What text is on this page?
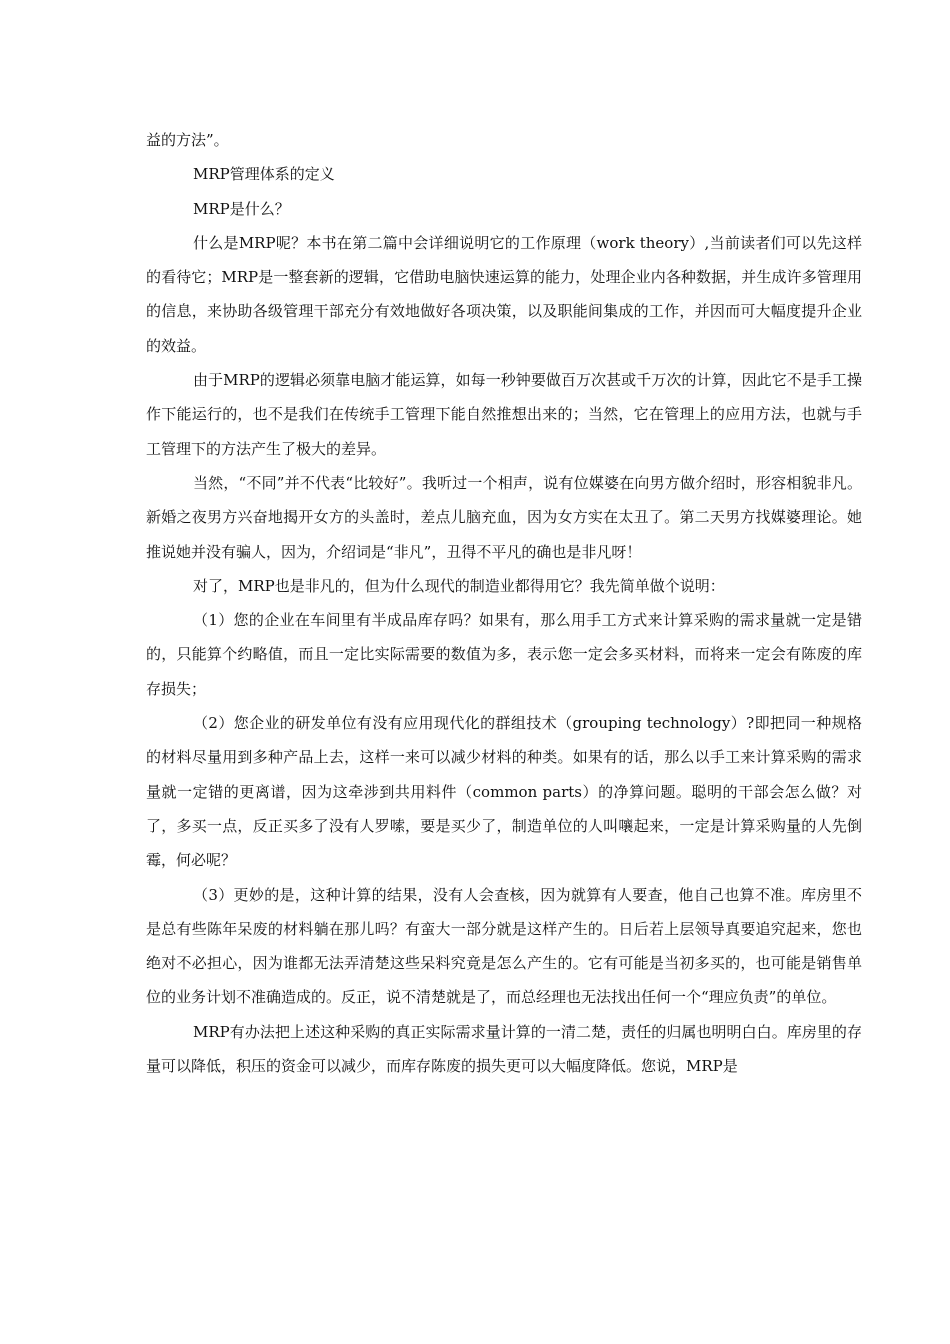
益的方法”。

MRP管理体系的定义

MRP是什么？

什么是MRP呢？本书在第二篇中会详细说明它的工作原理（work theory）,当前读者们可以先这样的看待它；MRP是一整套新的逻辑，它借助电脑快速运算的能力，处理企业内各种数据，并生成许多管理用的信息，来协助各级管理干部充分有效地做好各项决策，以及职能间集成的工作，并因而可大幅度提升企业的效益。

由于MRP的逻辑必须靠电脑才能运算，如每一秒钟要做百万次甚或千万次的计算，因此它不是手工操作下能运行的，也不是我们在传统手工管理下能自然推想出来的；当然，它在管理上的应用方法，也就与手工管理下的方法产生了极大的差异。

当然，“不同”并不代表“比较好”。我听过一个相声，说有位媒婆在向男方做介绍时，形容相貌非凡。新婚之夜男方兴奋地揭开女方的头盖时，差点儿脑充血，因为女方实在太丑了。第二天男方找媒婆理论。她推说她并没有骗人，因为，介绍词是“非凡”，丑得不平凡的确也是非凡呀！

对了，MRP也是非凡的，但为什么现代的制造业都得用它？我先简单做个说明：

（1）您的企业在车间里有半成品库存吗？如果有，那么用手工方式来计算采购的需求量就一定是错的，只能算个约略值，而且一定比实际需要的数值为多，表示您一定会多买材料，而将来一定会有陈废的库存损失；

（2）您企业的研发单位有没有应用现代化的群组技术（grouping technology）?即把同一种规格的材料尽量用到多种产品上去，这样一来可以减少材料的种类。如果有的话，那么以手工来计算采购的需求量就一定错的更离谱，因为这牵涉到共用料件（common parts）的净算问题。聪明的干部会怎么做？对了，多买一点，反正买多了没有人罗嗦，要是买少了，制造单位的人叫嚷起来，一定是计算采购量的人先倒霉，何必呢？

（3）更妙的是，这种计算的结果，没有人会查核，因为就算有人要查，他自己也算不准。库房里不是总有些陈年呆废的材料躺在那儿吗？有蛮大一部分就是这样产生的。日后若上层领导真要追究起来，您也绝对不必担心，因为谁都无法弄清楚这些呆料究竟是怎么产生的。它有可能是当初多买的，也可能是销售单位的业务计划不准确造成的。反正，说不清楚就是了，而总经理也无法找出任何一个“理应负责”的单位。

MRP有办法把上述这种采购的真正实际需求量计算的一清二楚，责任的归属也明明白白。库房里的存量可以降低，积压的资金可以减少，而库存陈废的损失更可以大幅度降低。您说，MRP是
